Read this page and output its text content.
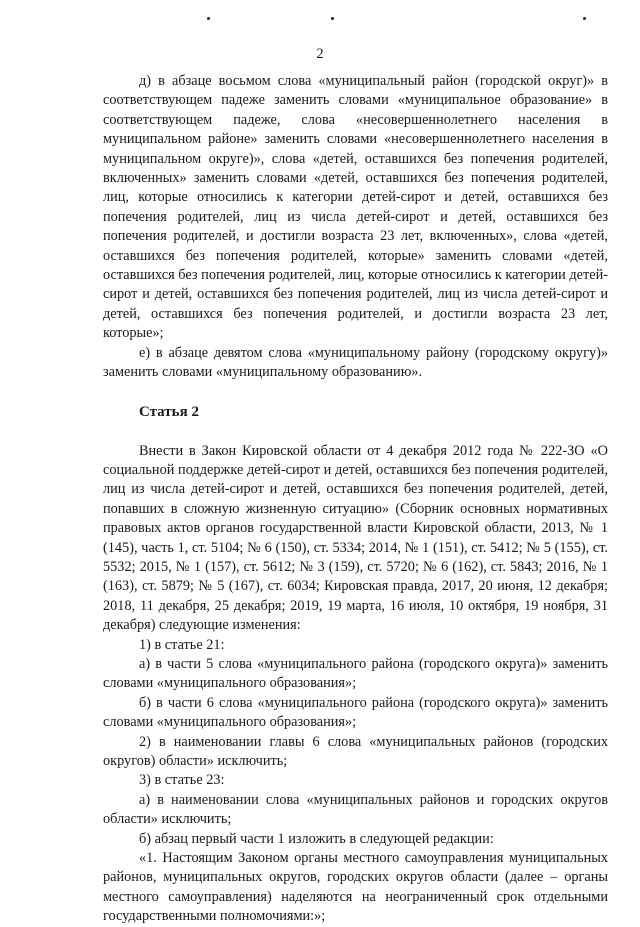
2

д) в абзаце восьмом слова «муниципальный район (городской округ)» в соответствующем падеже заменить словами «муниципальное образование» в соответствующем падеже, слова «несовершеннолетнего населения в муниципальном районе» заменить словами «несовершеннолетнего населения в муниципальном округе)», слова «детей, оставшихся без попечения родителей, включенных» заменить словами «детей, оставшихся без попечения родителей, лиц, которые относились к категории детей-сирот и детей, оставшихся без попечения родителей, лиц из числа детей-сирот и детей, оставшихся без попечения родителей, и достигли возраста 23 лет, включенных», слова «детей, оставшихся без попечения родителей, которые» заменить словами «детей, оставшихся без попечения родителей, лиц, которые относились к категории детей-сирот и детей, оставшихся без попечения родителей, лиц из числа детей-сирот и детей, оставшихся без попечения родителей, и достигли возраста 23 лет, которые»;

е) в абзаце девятом слова «муниципальному району (городскому округу)» заменить словами «муниципальному образованию».

Статья 2

Внести в Закон Кировской области от 4 декабря 2012 года № 222-ЗО «О социальной поддержке детей-сирот и детей, оставшихся без попечения родителей, лиц из числа детей-сирот и детей, оставшихся без попечения родителей, детей, попавших в сложную жизненную ситуацию» (Сборник основных нормативных правовых актов органов государственной власти Кировской области, 2013, № 1 (145), часть 1, ст. 5104; № 6 (150), ст. 5334; 2014, № 1 (151), ст. 5412; № 5 (155), ст. 5532; 2015, № 1 (157), ст. 5612; № 3 (159), ст. 5720; № 6 (162), ст. 5843; 2016, № 1 (163), ст. 5879; № 5 (167), ст. 6034; Кировская правда, 2017, 20 июня, 12 декабря; 2018, 11 декабря, 25 декабря; 2019, 19 марта, 16 июля, 10 октября, 19 ноября, 31 декабря) следующие изменения:

1) в статье 21:

а) в части 5 слова «муниципального района (городского округа)» заменить словами «муниципального образования»;

б) в части 6 слова «муниципального района (городского округа)» заменить словами «муниципального образования»;

2) в наименовании главы 6 слова «муниципальных районов (городских округов) области» исключить;

3) в статье 23:

а) в наименовании слова «муниципальных районов и городских округов области» исключить;

б) абзац первый части 1 изложить в следующей редакции:

«1. Настоящим Законом органы местного самоуправления муниципальных районов, муниципальных округов, городских округов области (далее – органы местного самоуправления) наделяются на неограниченный срок отдельными государственными полномочиями:»;
